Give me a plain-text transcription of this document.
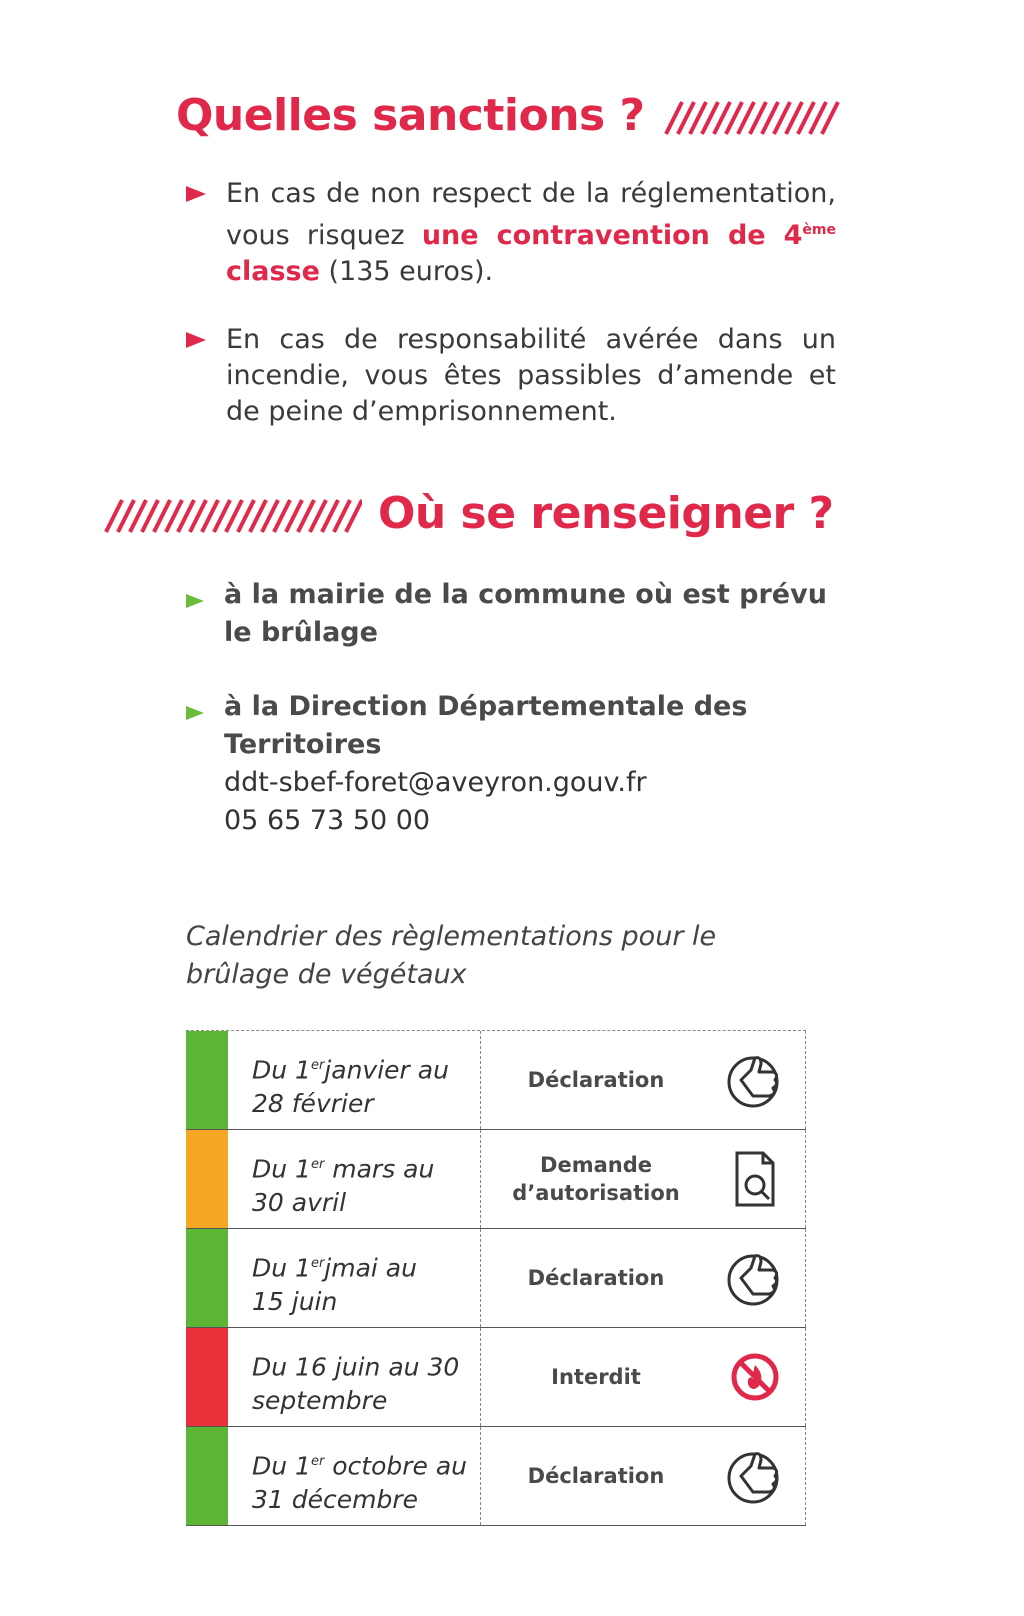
Quelles sanctions ?

En cas de non respect de la réglementation, vous risquez une contravention de 4ème classe (135 euros).

En cas de responsabilité avérée dans un incendie, vous êtes passibles d’amende et de peine d’emprisonnement.

Où se renseigner ?

à la mairie de la commune où est prévu

le brûlage

à la Direction Départementale des

Territoires

ddt-sbef-foret@aveyron.gouv.fr

05 65 73 50 00

Calendrier des règlementations pour le brûlage de végétaux

Du 1erjanvier au
28 février
Déclaration
Du 1er mars au
30 avril
Demande d’autorisation
Du 1erjmai au
15 juin
Déclaration
Du 16 juin au 30
septembre
Interdit
Du 1er octobre au
31 décembre
Déclaration
